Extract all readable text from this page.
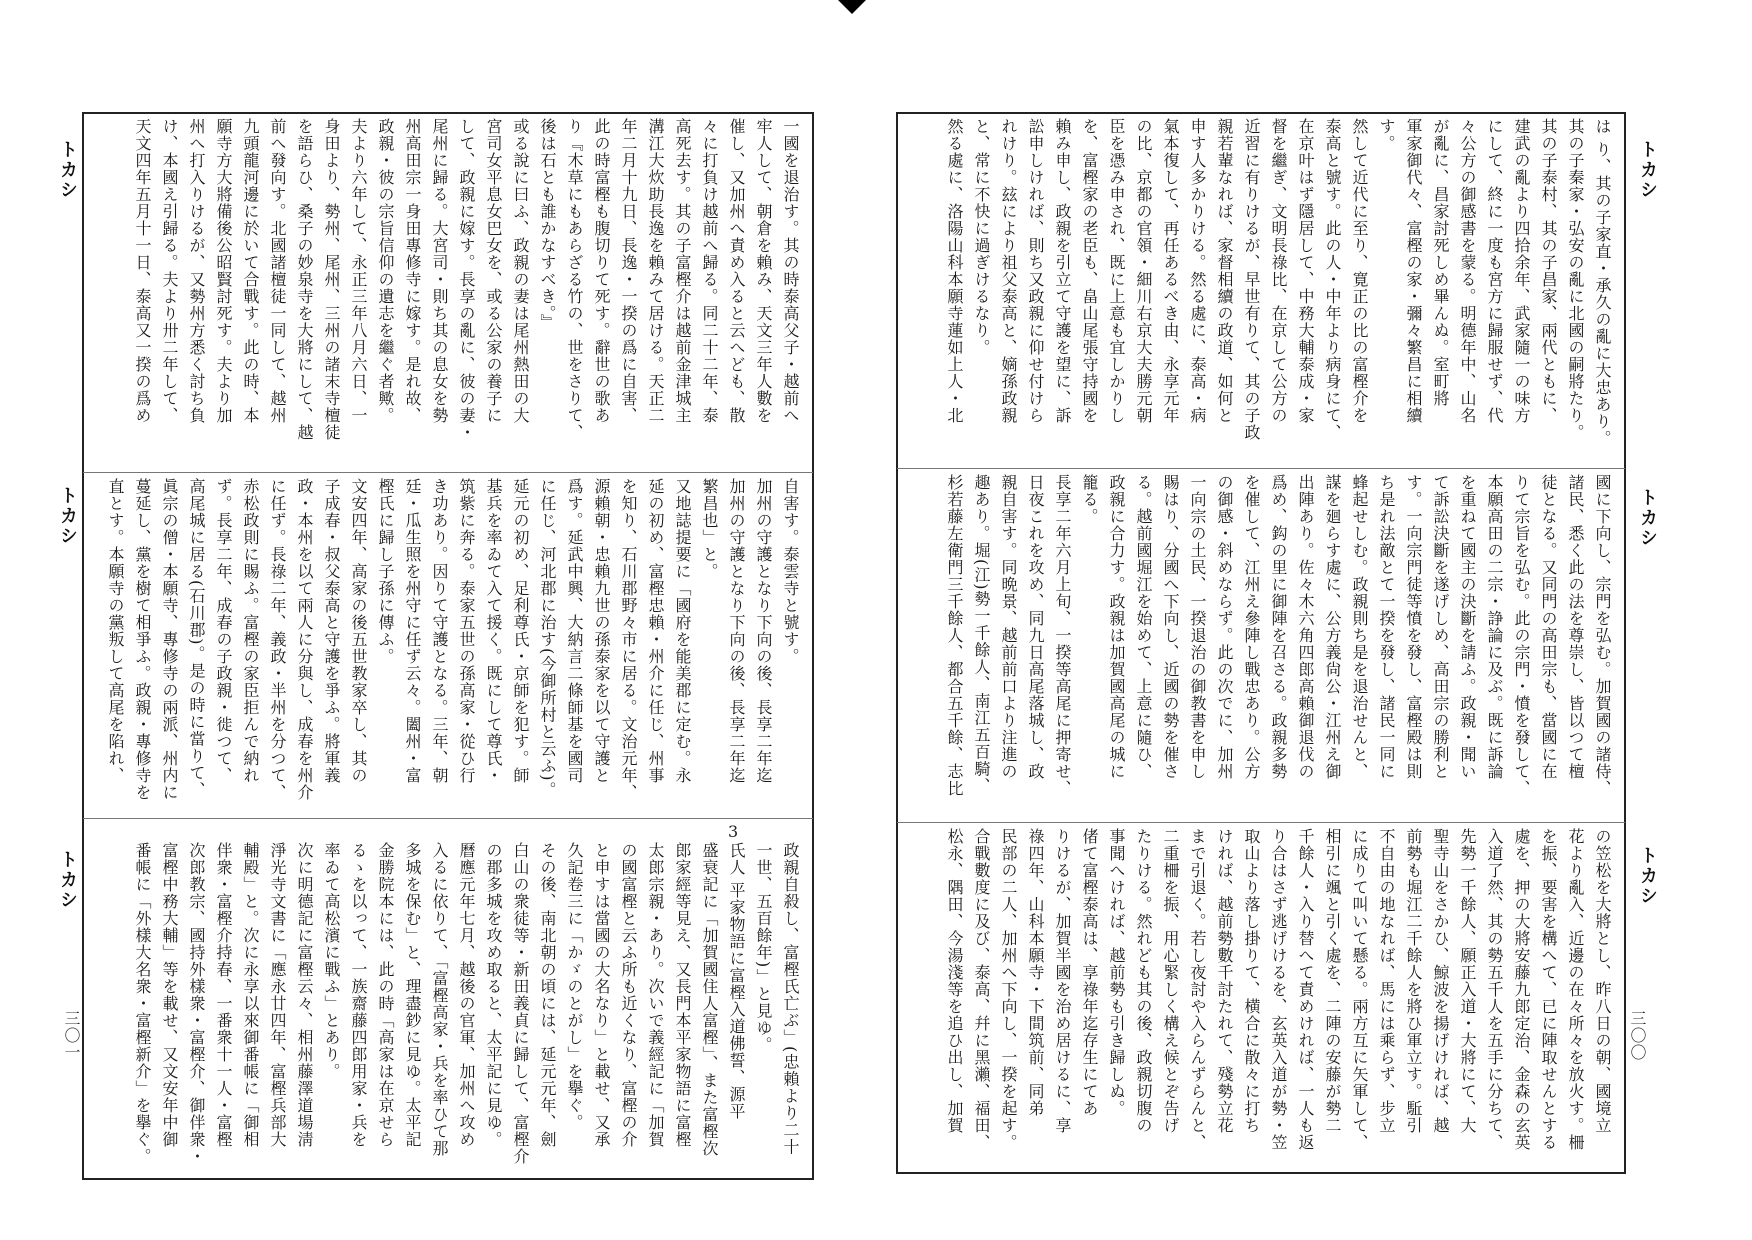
は り、其の子家直・承久の亂に大忠あり。
其の子秦家・弘安の亂に北國の嗣將たり。
其の子泰村、其の子昌家、兩代ともに、
建武の亂より四拾余年、武家隨一の味方
にして、終に一度も宮方に歸服せず、代
々公方の御感書を蒙る。明德年中、山名
が亂に、昌家討死しめ畢んぬ。室町將
軍家御代々、富樫の家・彌々繁昌に相續
す。
然して近代に至り、寛正の比の富樫介を
泰高と號す。此の人・中年より病身にて、
在京叶はず隱居して、中務大輔泰成・家
督を繼ぎ、文明長祿比、在京して公方の
近習に有りけるが、早世有りて、其の子政
親若輩なれば、家督相續の政道、如何と
申す人多かりける。然る處に、泰高・病
氣本復して、再任あるべき由、永享元年
の比、京都の官領・細川右京大夫勝元朝
臣を憑み申され、既に上意も宜しかりし
を、富樫家の老臣も、畠山尾張守持國を
賴み申し、政親を引立て守護を望に、訴
訟申しければ、則ち又政親に仰せ付けら
れけり。玆により祖父泰高と、嫡孫政親
と、常に不快に過ぎけるなり。
然る處に、洛陽山科本願寺蓮如上人・北
國に下向し、宗門を弘む。加賀國の諸侍、
諸民、悉く此の法を尊崇し、皆以つて檀
徒となる。又同門の高田宗も、當國に在
りて宗旨を弘む。此の宗門・憤を發して、
本願高田の二宗・諍論に及ぶ。既に訴論
を重ねて國主の決斷を請ふ。政親・聞い
て訴訟決斷を遂げしめ、高田宗の勝利と
す。一向宗門徒等憤を發し、富樫殿は則
ち是れ法敵とて一揆を發し、諸民一同に
蜂起せしむ。政親則ち是を退治せんと、
謀を廻らす處に、公方義尙公・江州え御
出陣あり。佐々木六角四郎高賴御退伐の
爲め、鈎の里に御陣を召さる。政親多勢
を催して、江州え參陣し戰忠あり。公方
の御感・斜めならず。此の次でに、加州
一向宗の土民、一揆退治の御教書を申し
賜はり、分國へ下向し、近國の勢を催さ
る。越前國堀江を始めて、上意に隨ひ、
政親に合力す。政親は加賀國高尾の城に
籠る。
長享二年六月上旬、一揆等高尾に押寄せ、
日夜これを攻め、同九日高尾落城し、政
親自害す。同晩景、越前前口より注進の
趣あり。堀(江)勢一千餘人、南江五百騎、
杉若藤左衛門三千餘人、都合五千餘、志比
の笠松を大將とし、昨八日の朝、國境立
花より亂入、近邊の在々所々を放火す。柵
を振、要害を構へて、已に陣取せんとする
處を、押の大將安藤九郎定治、金森の玄英
入道了然、其の勢五千人を五手に分ちて、
先勢一千餘人、願正入道・大將にて、大
聖寺山をさかひ、鯨波を揚げければ、越
前勢も堀江二千餘人を將ひ軍立す。駈引
不自由の地なれば、馬には乘らず、步立
に成りて叫いて懸る。兩方互に矢軍して、
相引に颯と引く處を、二陣の安藤が勢二
千餘人・入り替へて責めければ、一人も返
り合はさず逃げけるを、玄英入道が勢・笠
取山より落し掛りて、横合に散々に打ち
ければ、越前勢數千討たれて、殘勢立花
まで引退く。若し夜討や入らんずらんと、
二重柵を振、用心緊しく構え候とぞ告げ
たりける。然れども其の後、政親切腹の
事聞へければ、越前勢も引き歸しぬ。
偖て富樫泰高は、享祿年迄存生にてあ
りけるが、加賀半國を治め居けるに、享
祿四年、山科本願寺・下間筑前、同弟
民部の二人、加州へ下向し、一揆を起す。
合戰數度に及び、泰高、幷に黑瀨、福田、
松永、隅田、今湯淺等を追ひ出し、加賀
トカシ
トカシ
トカシ
三〇〇
一國を退治す。其の時泰高父子・越前へ
牢人して、朝倉を賴み、天文三年人數を
催し、又加州へ責め入ると云へども、散
々に打負け越前へ歸る。同二十二年、泰
高死去す。其の子富樫介は越前金津城主
溝江大炊助長逸を賴みて居ける。天正二
年二月十九日、長逸・一揆の爲に自害、
此の時富樫も腹切りて死す。辭世の歌あ
り『木草にもあらざる竹の、世をさりて、
後は石とも誰かなすべき。』
或る說に曰ふ、政親の妻は尾州熱田の大
宮司女平息女巴女を、或る公家の養子に
して、政親に嫁す。長享の亂に、彼の妻・
尾州に歸る。大宮司・則ち其の息女を勢
州高田宗一身田專修寺に嫁す。是れ故、
政親・彼の宗旨信仰の遺志を繼ぐ者歟。
夫より六年して、永正三年八月六日、一
身田より、勢州、尾州、三州の諸末寺檀徒
を語らひ、桑子の妙泉寺を大將にして、越
前へ發向す。北國諸檀徒一同して、越州
九頭龍河邊に於いて合戰す。此の時、本
願寺方大將備後公昭賢討死す。夫より加
州へ打入りけるが、又勢州方悉く討ち負
け、本國え引歸る。夫より卅二年して、
天文四年五月十一日、泰高又一揆の爲め
自害す。泰雲寺と號す。
加州の守護となり下向の後、長享二年迄
加州の守護となり下向の後、長享二年迄
繁昌也」と。
又地誌提要に「國府を能美郡に定む。永
延の初め、富樫忠賴・州介に任じ、州事
を知り、石川郡野々市に居る。文治元年、
源賴朝・忠賴九世の孫泰家を以て守護と
爲す。延武中興、大納言二條師基を國司
に任じ、河北郡に治す(今御所村と云ふ)。
延元の初め、足利尊氏・京師を犯す。師
基兵を率ゐて入て援く。既にして尊氏・
筑紫に奔る。泰家五世の孫高家・從ひ行
き功あり。因りて守護となる。三年、朝
廷・瓜生照を州守に任ず云々。闔州・富
樫氏に歸し子孫に傳ふ。
文安四年、高家の後五世教家卒し、其の
子成春・叔父泰高と守護を爭ふ。將軍義
政・本州を以て兩人に分與し、成春を州介
に任ず。長祿二年、義政・半州を分つて、
赤松政則に賜ふ。富樫の家臣拒んで納れ
ず。長享二年、成春の子政親・徙つて、
高尾城に居る(石川郡)。是の時に當りて、
眞宗の僧・本願寺、專修寺の兩派、州内に
蔓延し、黨を樹て相爭ふ。政親・專修寺を
直とす。本願寺の黨叛して高尾を陷れ、
政親自殺し、富樫氏亡ぶ」(忠賴より二十
一世、五百餘年)」と見ゆ。
氏人 平家物語に富樫入道佛誓、源平
盛衰記に「加賀國住人富樫」、また富樫次
郎家經等見え、又長門本平家物語に富樫
太郎宗親・あり。次いで義經記に「加賀
の國富樫と云ふ所も近くなり、富樫の介
と申すは當國の大名なり」と載せ、又承
久記卷三に「かゞのとがし」を擧ぐ。
その後、南北朝の頃には、延元元年、劍
白山の衆徒等・新田義貞に歸して、富樫介
の郡多城を攻め取ると、太平記に見ゆ。
曆應元年七月、越後の官軍、加州へ攻め
入るに依りて、「富樫高家・兵を率ひて那
多城を保む」と、理盡鈔に見ゆ。太平記
金勝院本には、此の時「高家は在京せら
るゝを以って、一族齋藤四郎用家・兵を
率ゐて高松濱に戰ふ」とあり。
次に明德記に富樫云々、相州藤澤道場淸
淨光寺文書に「應永廿四年、富樫兵部大
輔殿」と。次に永享以來御番帳に「御相
伴衆・富樫介持春、一番衆十一人・富樫
次郎教宗、國持外樣衆・富樫介、御伴衆・
富樫中務大輔」等を載せ、又文安年中御
番帳に「外樣大名衆・富樫新介」を擧ぐ。
3
トカシ
トカシ
トカシ
三〇一
